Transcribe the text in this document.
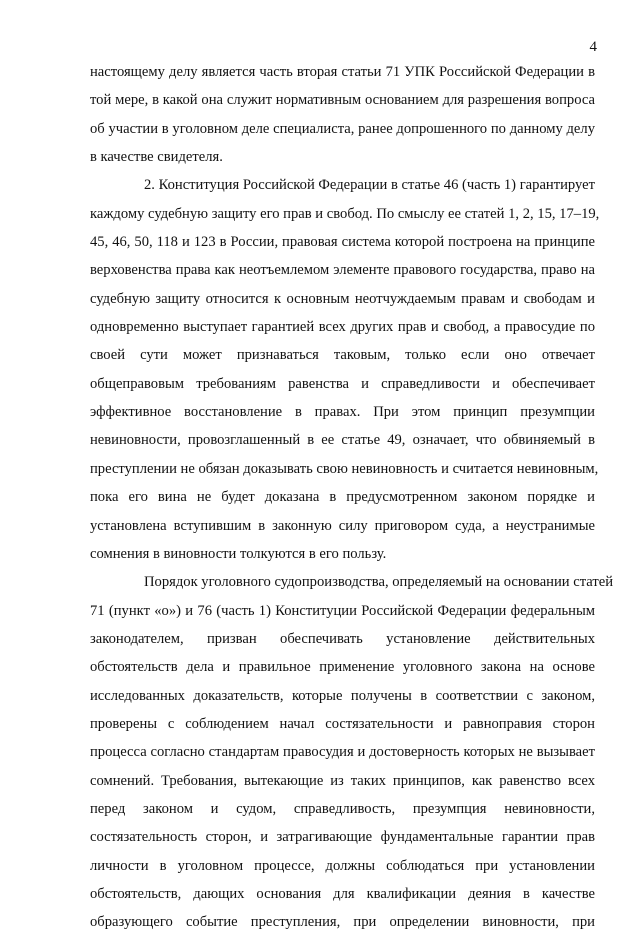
4
настоящему делу является часть вторая статьи 71 УПК Российской Федерации в
той мере, в какой она служит нормативным основанием для разрешения вопроса
об участии в уголовном деле специалиста, ранее допрошенного по данному делу
в качестве свидетеля.
2. Конституция Российской Федерации в статье 46 (часть 1) гарантирует
каждому судебную защиту его прав и свобод. По смыслу ее статей 1, 2, 15, 17–19,
45, 46, 50, 118 и 123 в России, правовая система которой построена на принципе
верховенства права как неотъемлемом элементе правового государства, право на
судебную защиту относится к основным неотчуждаемым правам и свободам и
одновременно выступает гарантией всех других прав и свобод, а правосудие по
своей сути может признаваться таковым, только если оно отвечает
общеправовым требованиям равенства и справедливости и обеспечивает
эффективное восстановление в правах. При этом принцип презумпции
невиновности, провозглашенный в ее статье 49, означает, что обвиняемый в
преступлении не обязан доказывать свою невиновность и считается невиновным,
пока его вина не будет доказана в предусмотренном законом порядке и
установлена вступившим в законную силу приговором суда, а неустранимые
сомнения в виновности толкуются в его пользу.
Порядок уголовного судопроизводства, определяемый на основании статей
71 (пункт «о») и 76 (часть 1) Конституции Российской Федерации федеральным
законодателем, призван обеспечивать установление действительных
обстоятельств дела и правильное применение уголовного закона на основе
исследованных доказательств, которые получены в соответствии с законом,
проверены с соблюдением начал состязательности и равноправия сторон
процесса согласно стандартам правосудия и достоверность которых не вызывает
сомнений. Требования, вытекающие из таких принципов, как равенство всех
перед законом и судом, справедливость, презумпция невиновности,
состязательность сторон, и затрагивающие фундаментальные гарантии прав
личности в уголовном процессе, должны соблюдаться при установлении
обстоятельств, дающих основания для квалификации деяния в качестве
образующего событие преступления, при определении виновности, при
